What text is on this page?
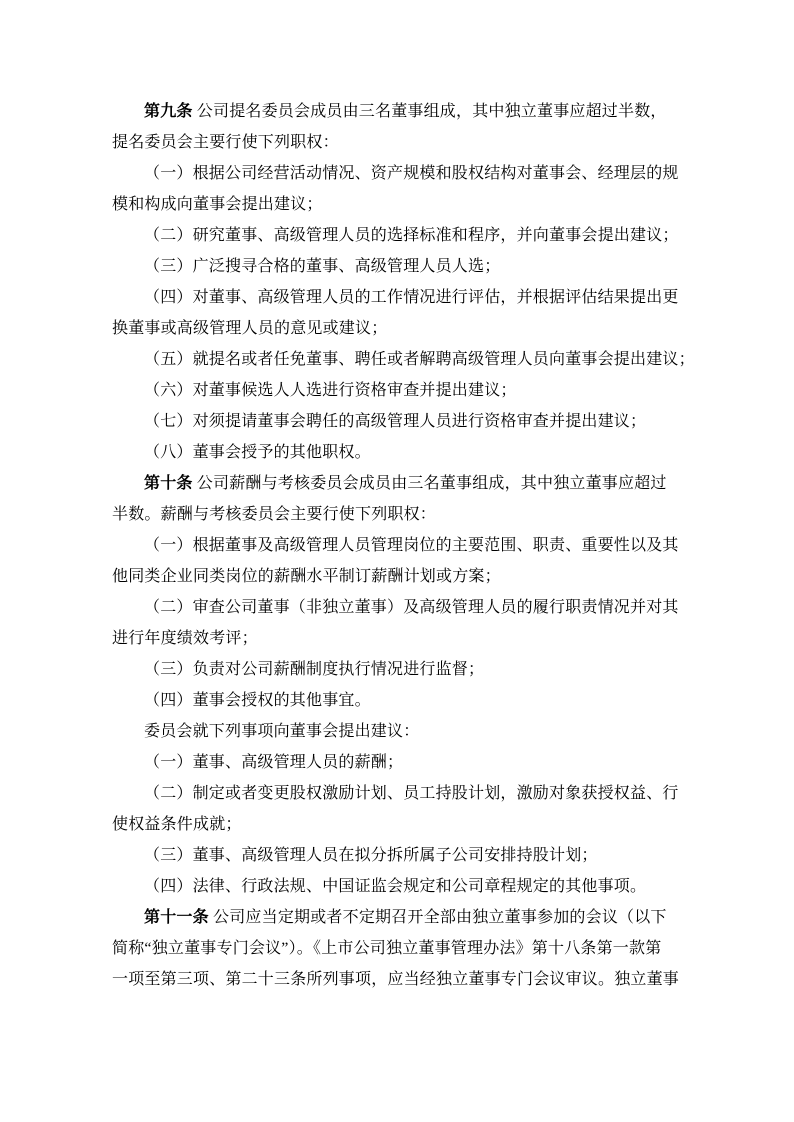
第九条 公司提名委员会成员由三名董事组成，其中独立董事应超过半数，
提名委员会主要行使下列职权：
（一）根据公司经营活动情况、资产规模和股权结构对董事会、经理层的规
模和构成向董事会提出建议；
（二）研究董事、高级管理人员的选择标准和程序，并向董事会提出建议；
（三）广泛搜寻合格的董事、高级管理人员人选；
（四）对董事、高级管理人员的工作情况进行评估，并根据评估结果提出更
换董事或高级管理人员的意见或建议；
（五）就提名或者任免董事、聘任或者解聘高级管理人员向董事会提出建议；
（六）对董事候选人人选进行资格审查并提出建议；
（七）对须提请董事会聘任的高级管理人员进行资格审查并提出建议；
（八）董事会授予的其他职权。
第十条 公司薪酬与考核委员会成员由三名董事组成，其中独立董事应超过
半数。薪酬与考核委员会主要行使下列职权：
（一）根据董事及高级管理人员管理岗位的主要范围、职责、重要性以及其
他同类企业同类岗位的薪酬水平制订薪酬计划或方案；
（二）审查公司董事（非独立董事）及高级管理人员的履行职责情况并对其
进行年度绩效考评；
（三）负责对公司薪酬制度执行情况进行监督；
（四）董事会授权的其他事宜。
委员会就下列事项向董事会提出建议：
（一）董事、高级管理人员的薪酬；
（二）制定或者变更股权激励计划、员工持股计划，激励对象获授权益、行
使权益条件成就；
（三）董事、高级管理人员在拟分拆所属子公司安排持股计划；
（四）法律、行政法规、中国证监会规定和公司章程规定的其他事项。
第十一条 公司应当定期或者不定期召开全部由独立董事参加的会议（以下
简称“独立董事专门会议”）。《上市公司独立董事管理办法》第十八条第一款第
一项至第三项、第二十三条所列事项，应当经独立董事专门会议审议。独立董事
